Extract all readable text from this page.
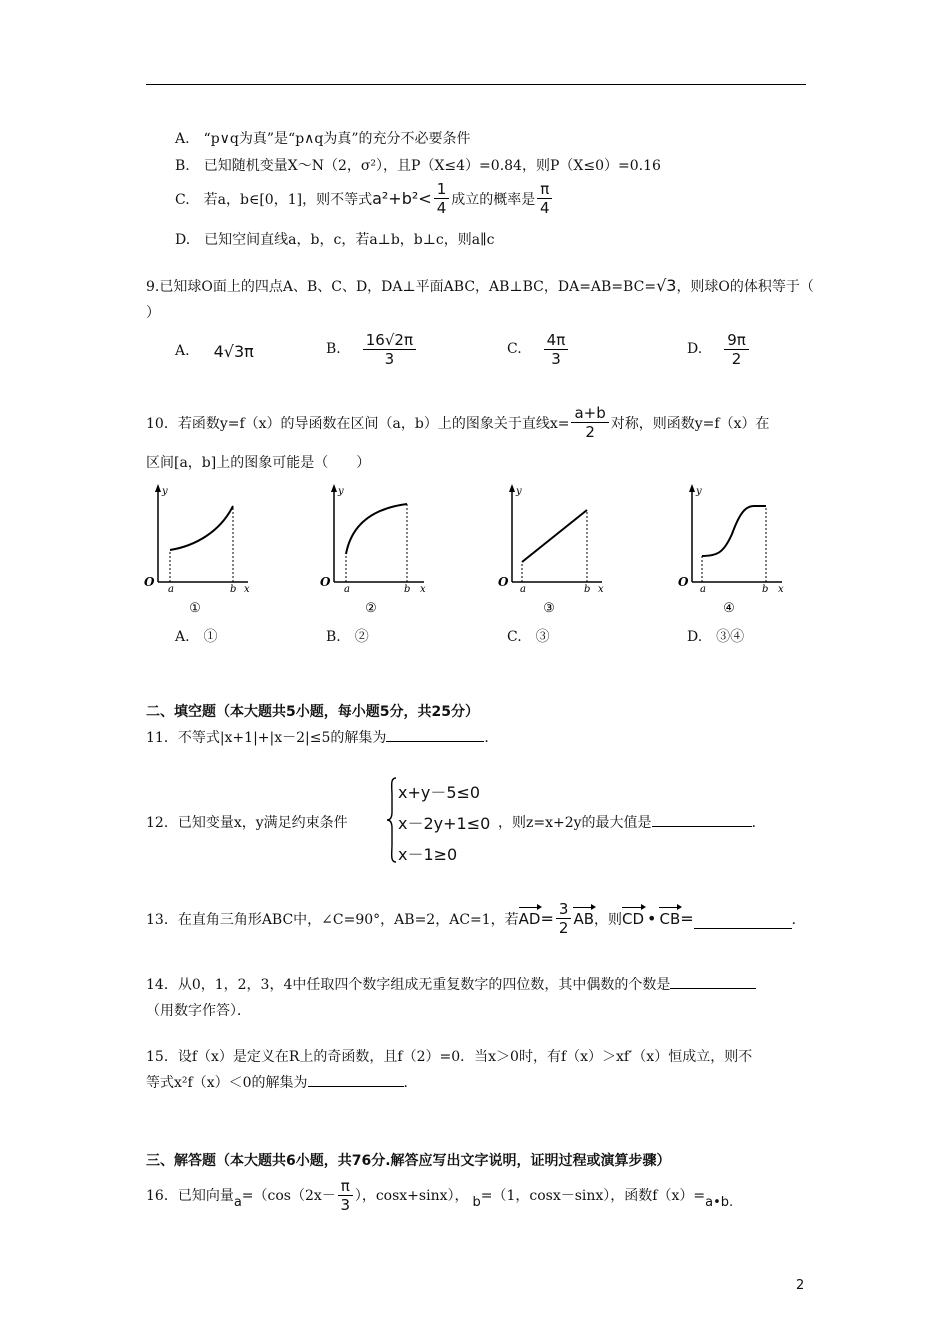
A.　“p∨q为真”是“p∧q为真”的充分不必要条件
B.　已知随机变量X～N（2，σ²），且P（X≤4）=0.84，则P（X≤0）=0.16
C.　若a，b∈[0，1]，则不等式 $a^2+b^2< \frac{1}{4}$ 成立的概率是 $\frac{\pi}{4}$
D.　已知空间直线a，b，c，若a⊥b，b⊥c，则a∥c
9.已知球O面上的四点A、B、C、D，DA⊥平面ABC，AB⊥BC，DA=AB=BC=√3，则球O的体积等于（
）
A. 4√3π	B. $\frac{16√2\pi}{3}$	C. $\frac{4\pi}{3}$	D. $\frac{9\pi}{2}$
10．若函数y=f（x）的导函数在区间（a，b）上的图象关于直线$x= \frac{a+b}{2}$ 对称，则函数y=f（x）在
区间[a，b]上的图象可能是（　　）
y
O
a	b x
①
y
O
a	b x
②
y
O
a	b x
③
y
O
a	b x
④
A.　①	B.　②	C.　③	D.　③④
二、填空题（本大题共5小题，每小题5分，共25分）
11．不等式|x+1|+|x－2|≤5的解集为	．
12．已知变量x，y满足约束条件
x+y－5≤0
x－2y+1≤0
x－1≥0
，则z=x+2y的最大值是	．
13．在直角三角形ABC中，∠C=90°，AB=2，AC=1，若 AD = $\frac{3}{2}$ AB ，则 CD • CB =	．
14．从0，1，2，3，4中任取四个数字组成无重复数字的四位数，其中偶数的个数是
（用数字作答）．
15．设f（x）是定义在R上的奇函数，且f（2）=0．当x＞0时，有f（x）＞xf′（x）恒成立，则不
等式x²f（x）＜0的解集为	．
三、解答题（本大题共6小题，共76分.解答应写出文字说明，证明过程或演算步骤）
16．已知向量 $a =(\cos(2x- \frac{\pi}{3}$ ），cosx+sinx）， b =（1，cosx－sinx），函数f（x）= a•b.
2
